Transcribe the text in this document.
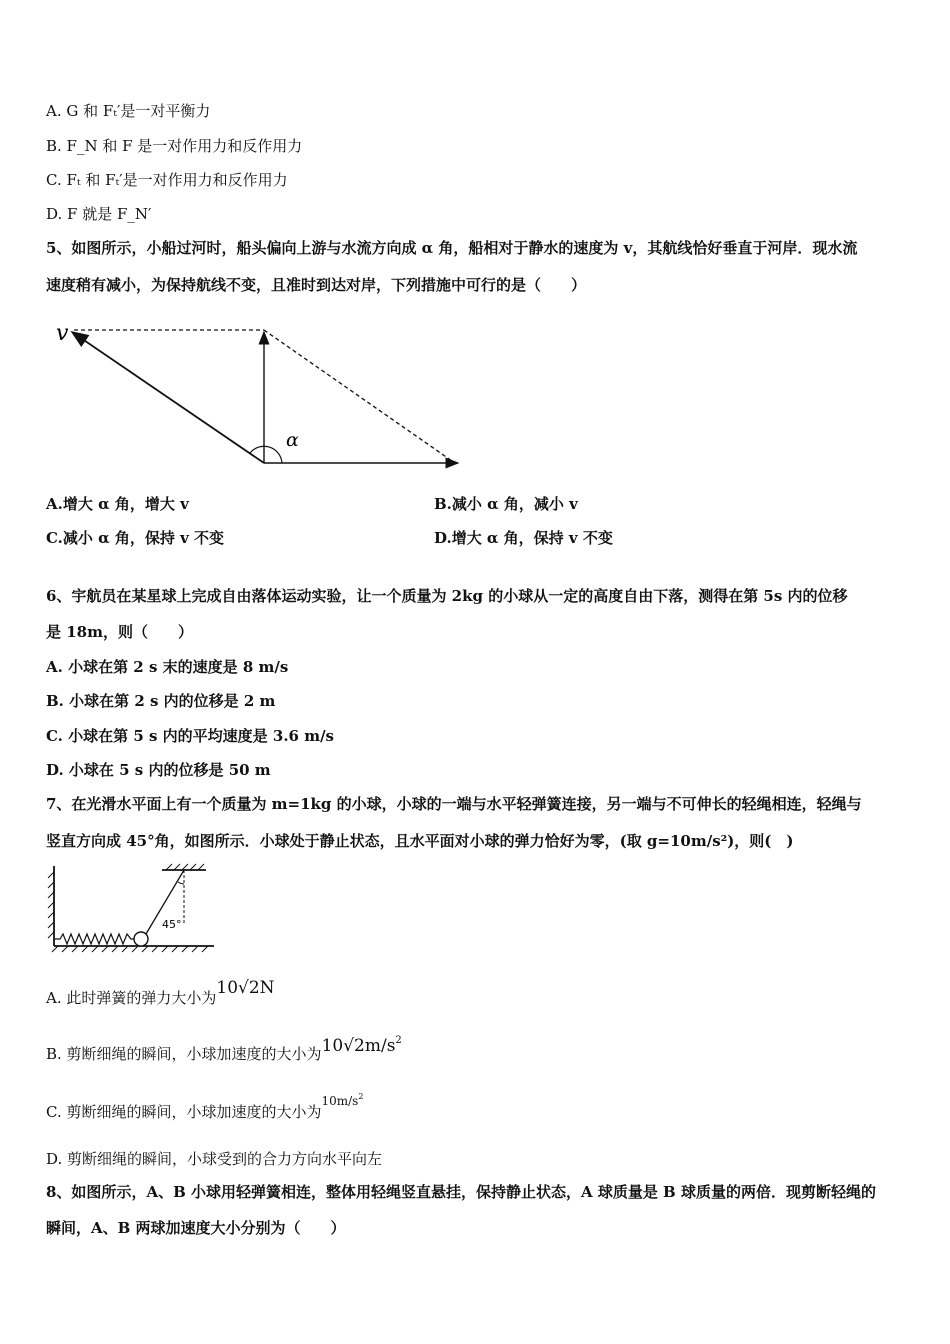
A. G 和 Fₜ′是一对平衡力
B. F_N 和 F 是一对作用力和反作用力
C. Fₜ 和 Fₜ′是一对作用力和反作用力
D. F 就是 F_N′
5、如图所示，小船过河时，船头偏向上游与水流方向成 α 角，船相对于静水的速度为 v，其航线恰好垂直于河岸．现水流
速度稍有减小，为保持航线不变，且准时到达对岸，下列措施中可行的是（　　）
v
α
A.增大 α 角，增大 v	B.减小 α 角，减小 v
C.减小 α 角，保持 v 不变	D.增大 α 角，保持 v 不变
6、宇航员在某星球上完成自由落体运动实验，让一个质量为 2kg 的小球从一定的高度自由下落，测得在第 5s 内的位移
是 18m，则（　　）
A. 小球在第 2 s 末的速度是 8 m/s
B. 小球在第 2 s 内的位移是 2 m
C. 小球在第 5 s 内的平均速度是 3.6 m/s
D. 小球在 5 s 内的位移是 50 m
7、在光滑水平面上有一个质量为 m=1kg 的小球，小球的一端与水平轻弹簧连接，另一端与不可伸长的轻绳相连，轻绳与
竖直方向成 45°角，如图所示．小球处于静止状态，且水平面对小球的弹力恰好为零，(取 g=10m/s²)，则(　)
45°
A. 此时弹簧的弹力大小为10√2N
B. 剪断细绳的瞬间，小球加速度的大小为$10√2m/s^2$
C. 剪断细绳的瞬间，小球加速度的大小为$^{10m/s2}$
D. 剪断细绳的瞬间，小球受到的合力方向水平向左
8、如图所示，A、B 小球用轻弹簧相连，整体用轻绳竖直悬挂，保持静止状态，A 球质量是 B 球质量的两倍．现剪断轻绳的
瞬间，A、B 两球加速度大小分别为（　　）
